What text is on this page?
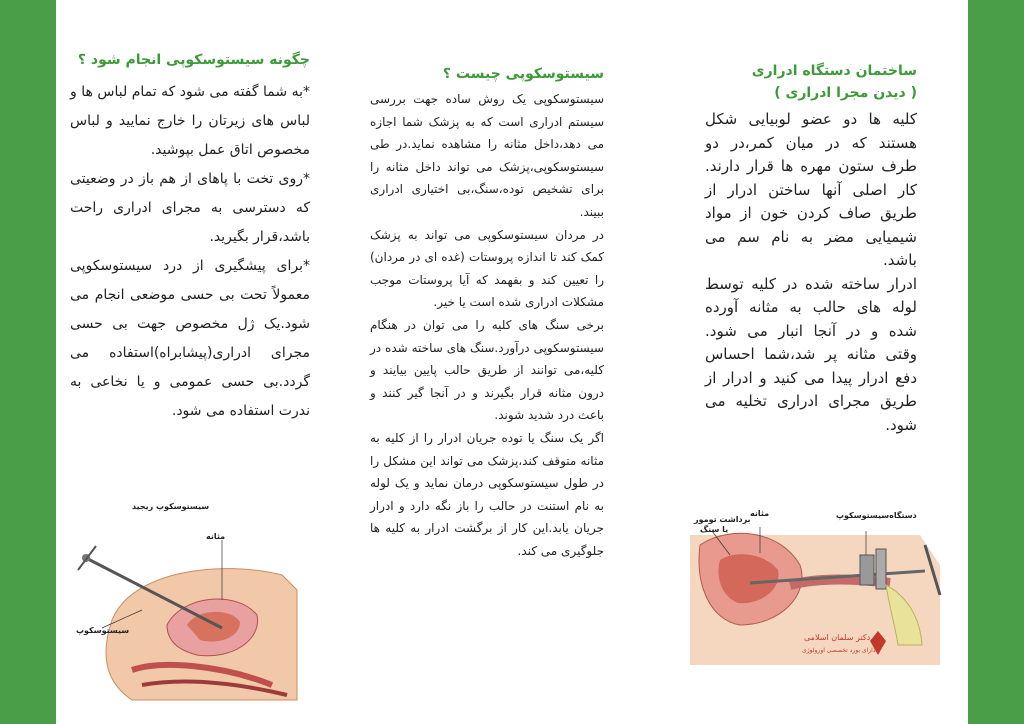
چگونه سیستوسکوپی انجام شود ؟

*به شما گفته می شود که تمام لباس ها و لباس های زیرتان را خارج نمایید و لباس مخصوص اتاق عمل بپوشید.

*روی تخت با پاهای از هم باز در وضعیتی که دسترسی به مجرای ادراری راحت باشد،قرار بگیرید.

*برای پیشگیری از درد سیستوسکوپی معمولاً تحت بی حسی موضعی انجام می شود.یک ژل مخصوص جهت بی حسی مجرای ادراری(پیشابراه)استفاده می گردد.بی حسی عمومی و یا نخاعی به ندرت استفاده می شود.

سیستوسکوپ ریجید
مثانه
سیستوسکوپ
سیستوسکوپی چیست ؟

سیستوسکوپی یک روش ساده جهت بررسی سیستم ادراری است که به پزشک شما اجازه می دهد،داخل مثانه را مشاهده نماید.در طی سیستوسکوپی،پزشک می تواند داخل مثانه را برای تشخیص توده،سنگ،بی اختیاری ادراری ببیند.

در مردان سیستوسکوپی می تواند به پزشک کمک کند تا اندازه پروستات (غده ای در مردان) را تعیین کند و بفهمد که آیا پروستات موجب مشکلات ادراری شده است یا خیر.

برخی سنگ های کلیه را می توان در هنگام سیستوسکوپی درآورد.سنگ های ساخته شده در کلیه،می توانند از طریق حالب پایین بیایند و درون مثانه قرار بگیرند و در آنجا گیر کنند و باعث درد شدید شوند.

اگر یک سنگ یا توده جریان ادرار را از کلیه به مثانه متوقف کند،پزشک می تواند این مشکل را در طول سیستوسکوپی درمان نماید و یک لوله به نام استنت در حالب را باز نگه دارد و ادرار جریان یابد.این کار از برگشت ادرار به کلیه ها جلوگیری می کند.

ساختمان دستگاه ادراری
( دیدن مجرا ادراری )

کلیه ها دو عضو لوبیایی شکل هستند که در میان کمر،در دو طرف ستون مهره ها قرار دارند. کار اصلی آنها ساختن ادرار از طریق صاف کردن خون از مواد شیمیایی مضر به نام سم می باشد.

ادرار ساخته شده در کلیه توسط لوله های حالب به مثانه آورده شده و در آنجا انبار می شود. وقتی مثانه پر شد،شما احساس دفع ادرار پیدا می کنید و ادرار از طریق مجرای ادراری تخلیه می شود.

دستگاه‌سیستوسکوپ
مثانه
برداشت تومور
یا سنگ
دکتر سلمان اسلامی
دارای بورد تخصصی اورولوژی
